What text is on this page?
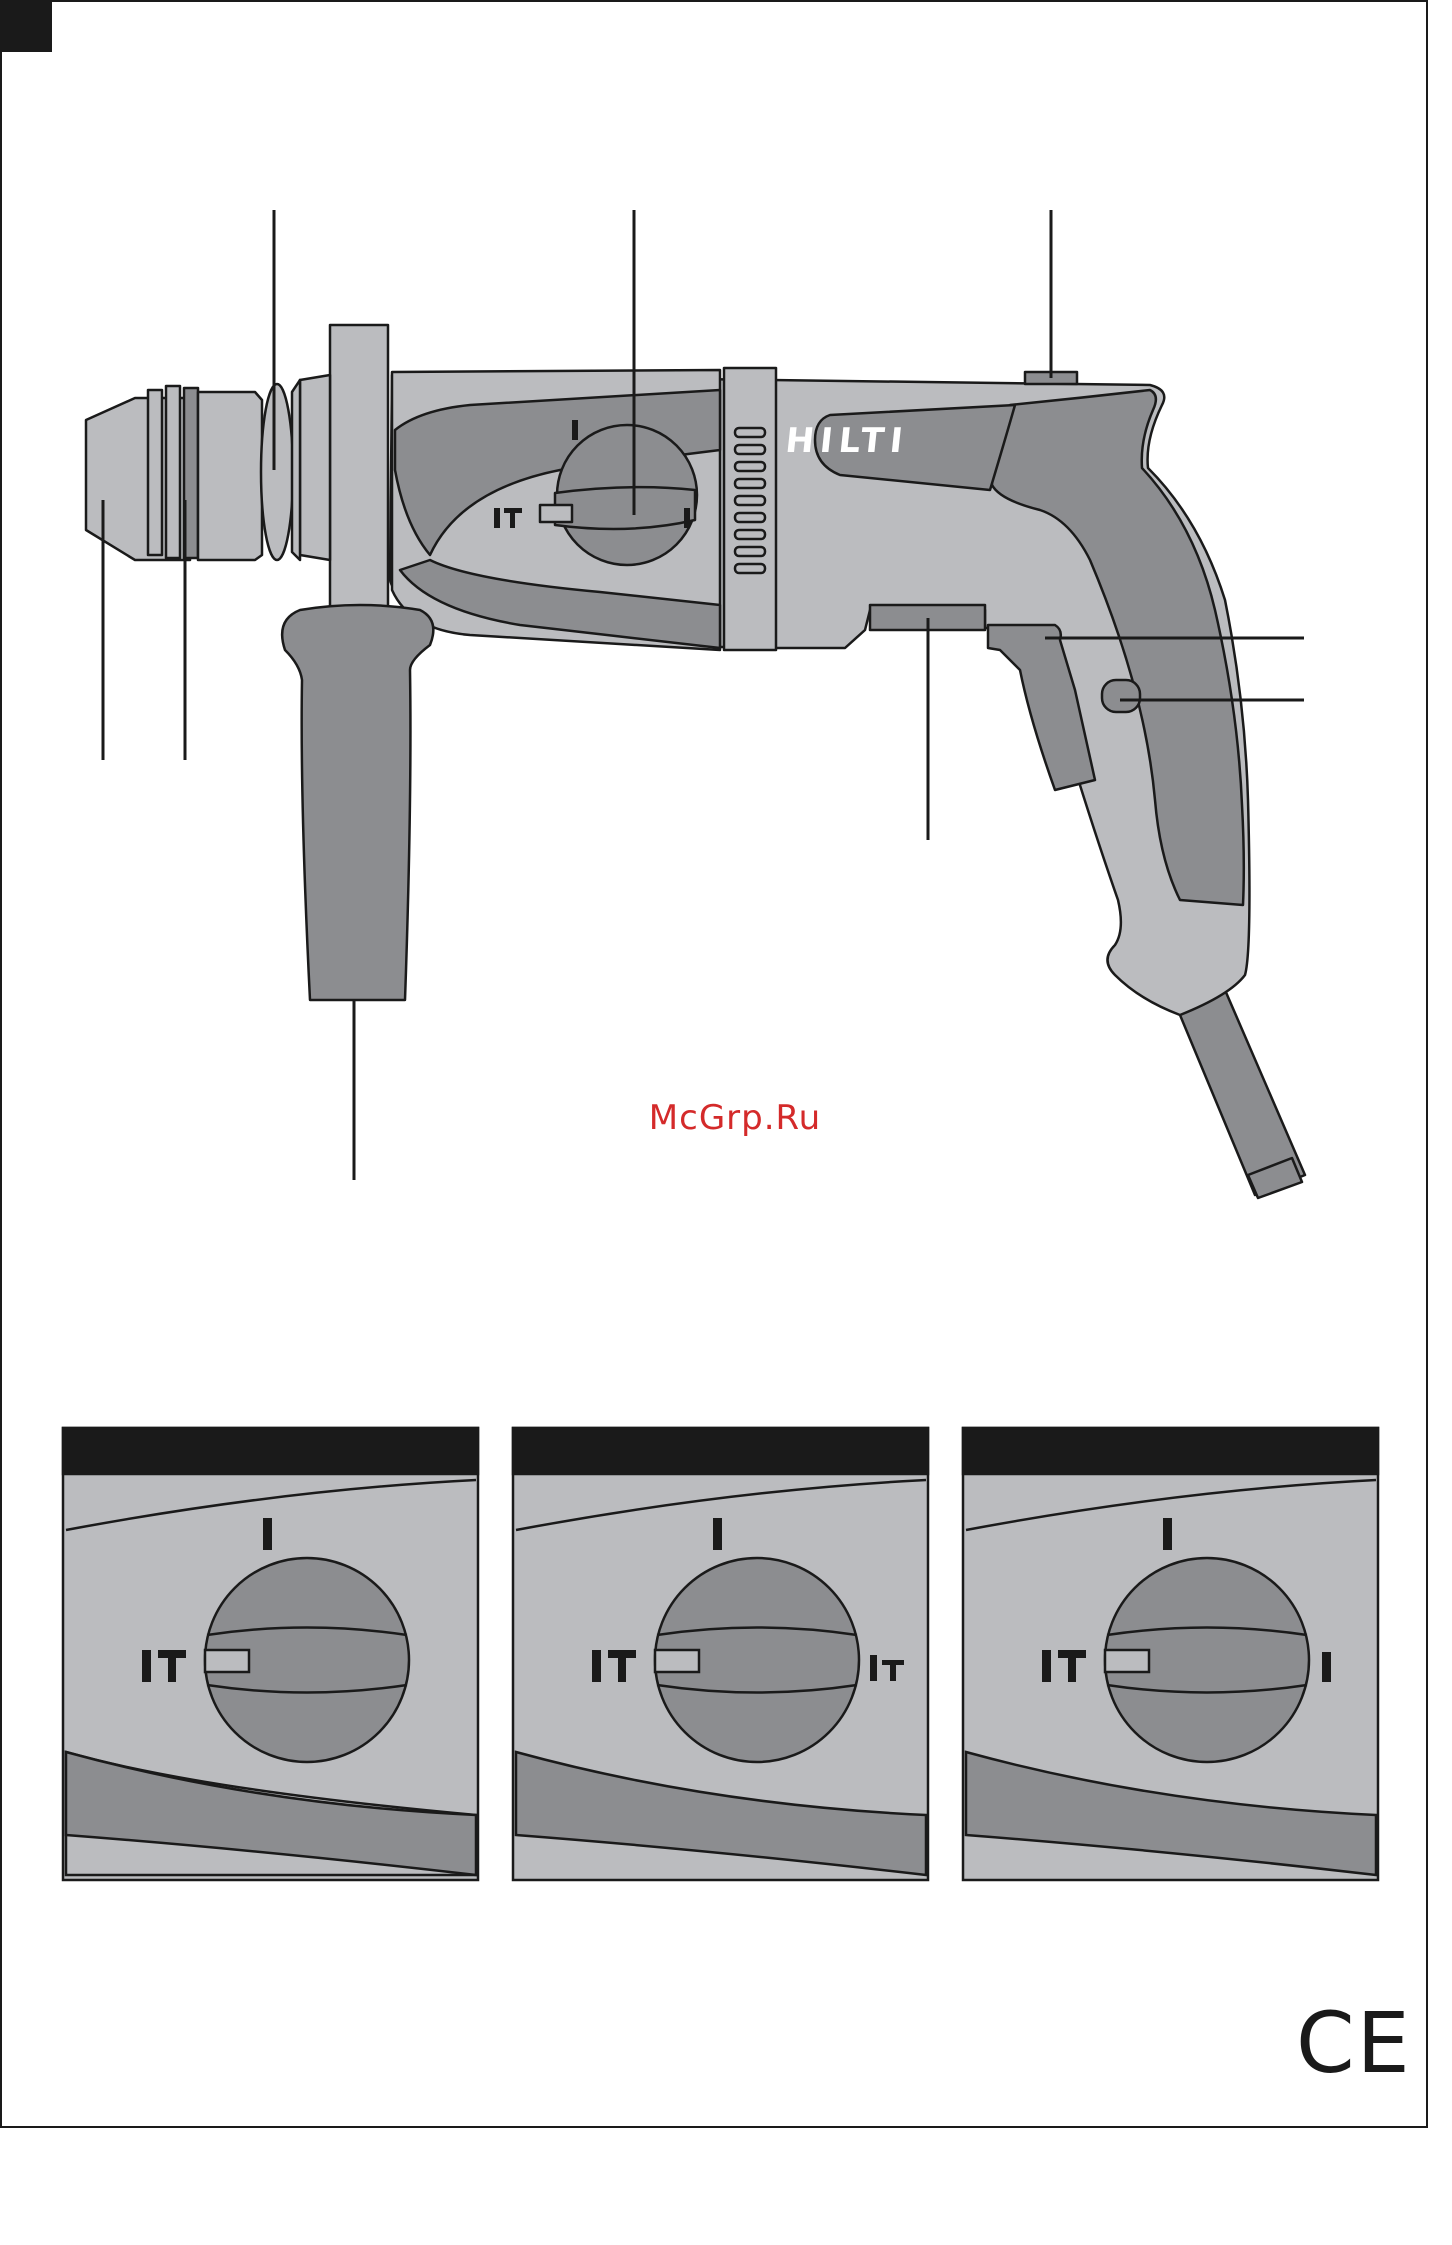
HILTI
CE
McGrp.Ru
